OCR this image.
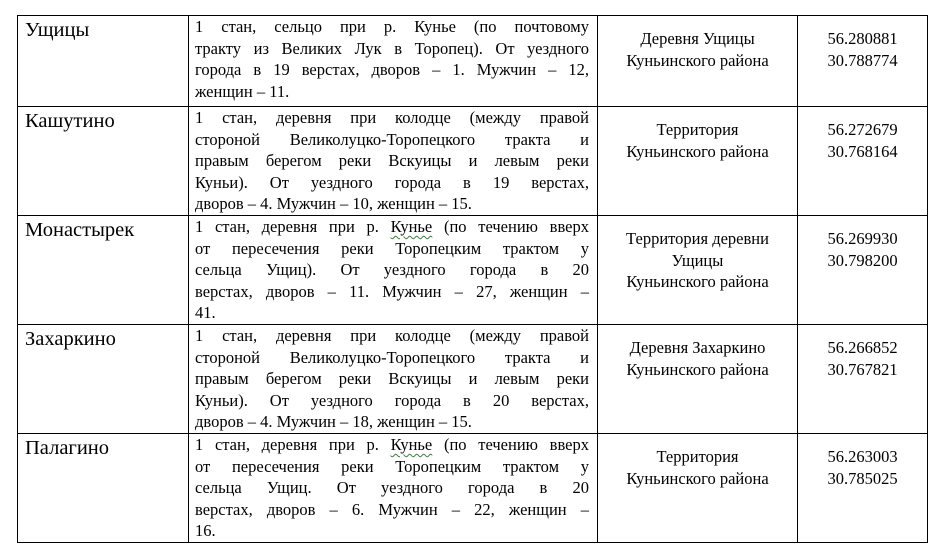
Ущицы	1 стан, сельцо при р. Кунье (по почтовому
тракту из Великих Лук в Торопец). От уездного
города в 19 верстах, дворов – 1. Мужчин – 12,
женщин – 11.	Деревня Ущицы
Куньинского района	56.280881
30.788774

Кашутино	1 стан, деревня при колодце (между правой
стороной Великолуцко-Торопецкого тракта и
правым берегом реки Вскуицы и левым реки
Куньи). От уездного города в 19 верстах,
дворов – 4. Мужчин – 10, женщин – 15.	Территория
Куньинского района	56.272679
30.768164

Монастырек	1 стан, деревня при р. Кунье (по течению вверх
от пересечения реки Торопецким трактом у
сельца Ущиц). От уездного города в 20
верстах, дворов – 11. Мужчин – 27, женщин –
41.	Территория деревни
Ущицы
Куньинского района	56.269930
30.798200

Захаркино	1 стан, деревня при колодце (между правой
стороной Великолуцко-Торопецкого тракта и
правым берегом реки Вскуицы и левым реки
Куньи). От уездного города в 20 верстах,
дворов – 4. Мужчин – 18, женщин – 15.	Деревня Захаркино
Куньинского района	56.266852
30.767821

Палагино	1 стан, деревня при р. Кунье (по течению вверх
от пересечения реки Торопецким трактом у
сельца Ущиц. От уездного города в 20
верстах, дворов – 6. Мужчин – 22, женщин –
16.	Территория
Куньинского района	56.263003
30.785025
